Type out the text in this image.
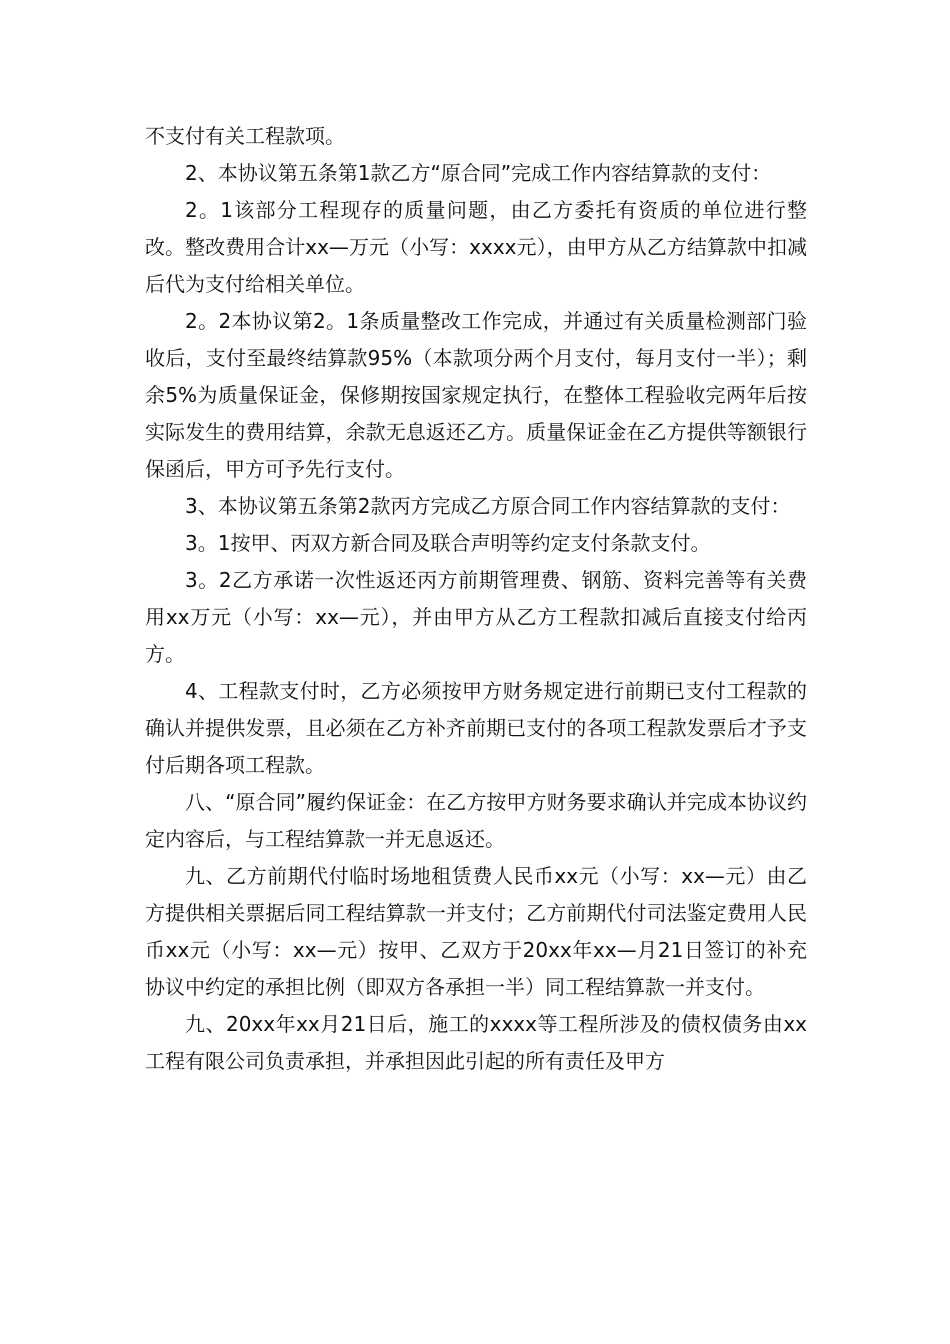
不支付有关工程款项。

2、本协议第五条第1款乙方“原合同”完成工作内容结算款的支付：

2。1该部分工程现存的质量问题，由乙方委托有资质的单位进行整改。整改费用合计xx—万元（小写：xxxx元），由甲方从乙方结算款中扣减后代为支付给相关单位。

2。2本协议第2。1条质量整改工作完成，并通过有关质量检测部门验收后，支付至最终结算款95%（本款项分两个月支付，每月支付一半）；剩余5%为质量保证金，保修期按国家规定执行，在整体工程验收完两年后按实际发生的费用结算，余款无息返还乙方。质量保证金在乙方提供等额银行保函后，甲方可予先行支付。

3、本协议第五条第2款丙方完成乙方原合同工作内容结算款的支付：

3。1按甲、丙双方新合同及联合声明等约定支付条款支付。

3。2乙方承诺一次性返还丙方前期管理费、钢筋、资料完善等有关费用xx万元（小写：xx—元），并由甲方从乙方工程款扣减后直接支付给丙方。

4、工程款支付时，乙方必须按甲方财务规定进行前期已支付工程款的确认并提供发票，且必须在乙方补齐前期已支付的各项工程款发票后才予支付后期各项工程款。

八、“原合同”履约保证金：在乙方按甲方财务要求确认并完成本协议约定内容后，与工程结算款一并无息返还。

九、乙方前期代付临时场地租赁费人民币xx元（小写：xx—元）由乙方提供相关票据后同工程结算款一并支付；乙方前期代付司法鉴定费用人民币xx元（小写：xx—元）按甲、乙双方于20xx年xx—月21日签订的补充协议中约定的承担比例（即双方各承担一半）同工程结算款一并支付。

九、20xx年xx月21日后，施工的xxxx等工程所涉及的债权债务由xx工程有限公司负责承担，并承担因此引起的所有责任及甲方
